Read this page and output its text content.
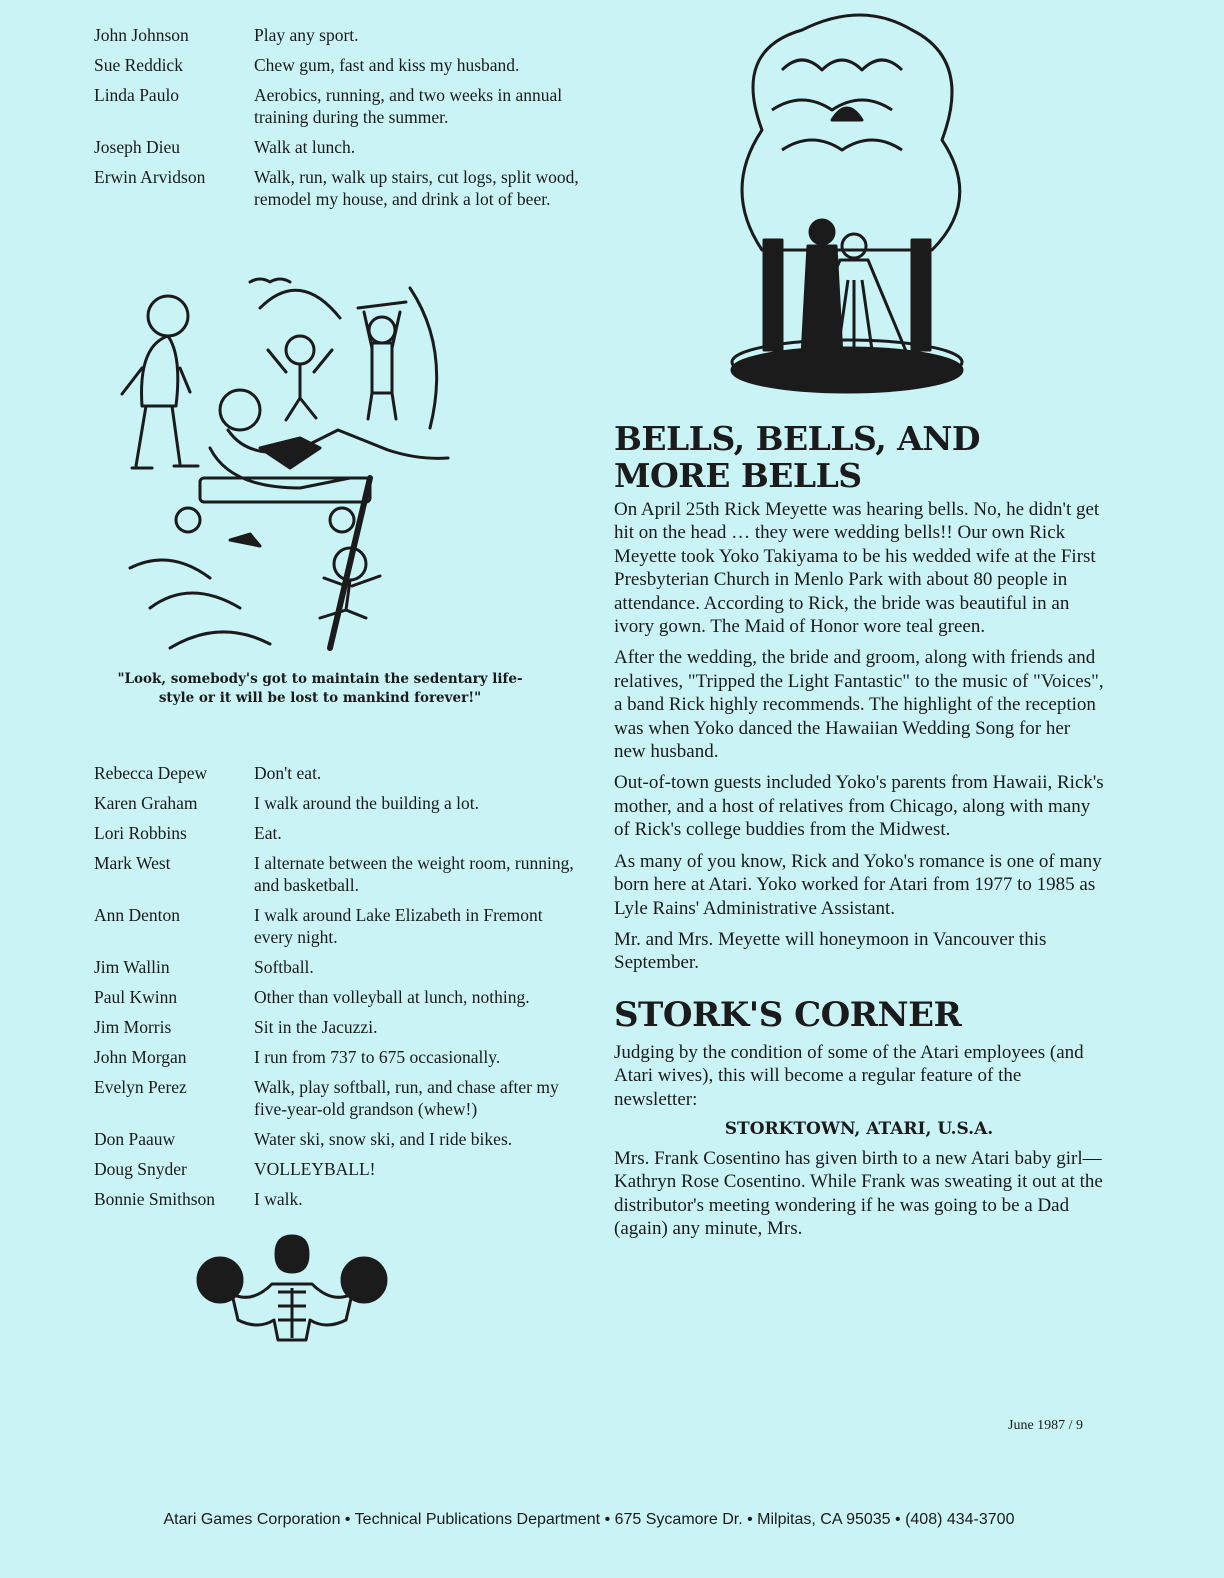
John Johnson	Play any sport.
Sue Reddick	Chew gum, fast and kiss my husband.
Linda Paulo	Aerobics, running, and two weeks in annual training during the summer.
Joseph Dieu	Walk at lunch.
Erwin Arvidson	Walk, run, walk up stairs, cut logs, split wood, remodel my house, and drink a lot of beer.
"Look, somebody's got to maintain the sedentary life-style or it will be lost to mankind forever!"
Rebecca Depew	Don't eat.
Karen Graham	I walk around the building a lot.
Lori Robbins	Eat.
Mark West	I alternate between the weight room, running, and basketball.
Ann Denton	I walk around Lake Elizabeth in Fremont every night.
Jim Wallin	Softball.
Paul Kwinn	Other than volleyball at lunch, nothing.
Jim Morris	Sit in the Jacuzzi.
John Morgan	I run from 737 to 675 occasionally.
Evelyn Perez	Walk, play softball, run, and chase after my five-year-old grandson (whew!)
Don Paauw	Water ski, snow ski, and I ride bikes.
Doug Snyder	VOLLEYBALL!
Bonnie Smithson	I walk.
BELLS, BELLS, AND
MORE BELLS

On April 25th Rick Meyette was hearing bells. No, he didn't get hit on the head … they were wedding bells!! Our own Rick Meyette took Yoko Takiyama to be his wedded wife at the First Presbyterian Church in Menlo Park with about 80 people in attendance. According to Rick, the bride was beautiful in an ivory gown. The Maid of Honor wore teal green.

After the wedding, the bride and groom, along with friends and relatives, "Tripped the Light Fantastic" to the music of "Voices", a band Rick highly recommends. The highlight of the reception was when Yoko danced the Hawaiian Wedding Song for her new husband.

Out-of-town guests included Yoko's parents from Hawaii, Rick's mother, and a host of relatives from Chicago, along with many of Rick's college buddies from the Midwest.

As many of you know, Rick and Yoko's romance is one of many born here at Atari. Yoko worked for Atari from 1977 to 1985 as Lyle Rains' Administrative Assistant.

Mr. and Mrs. Meyette will honeymoon in Vancouver this September.

STORK'S CORNER

Judging by the condition of some of the Atari employees (and Atari wives), this will become a regular feature of the newsletter:

STORKTOWN, ATARI, U.S.A.

Mrs. Frank Cosentino has given birth to a new Atari baby girl—Kathryn Rose Cosentino. While Frank was sweating it out at the distributor's meeting wondering if he was going to be a Dad (again) any minute, Mrs.

June 1987 / 9
Atari Games Corporation • Technical Publications Department • 675 Sycamore Dr. • Milpitas, CA 95035 • (408) 434-3700
